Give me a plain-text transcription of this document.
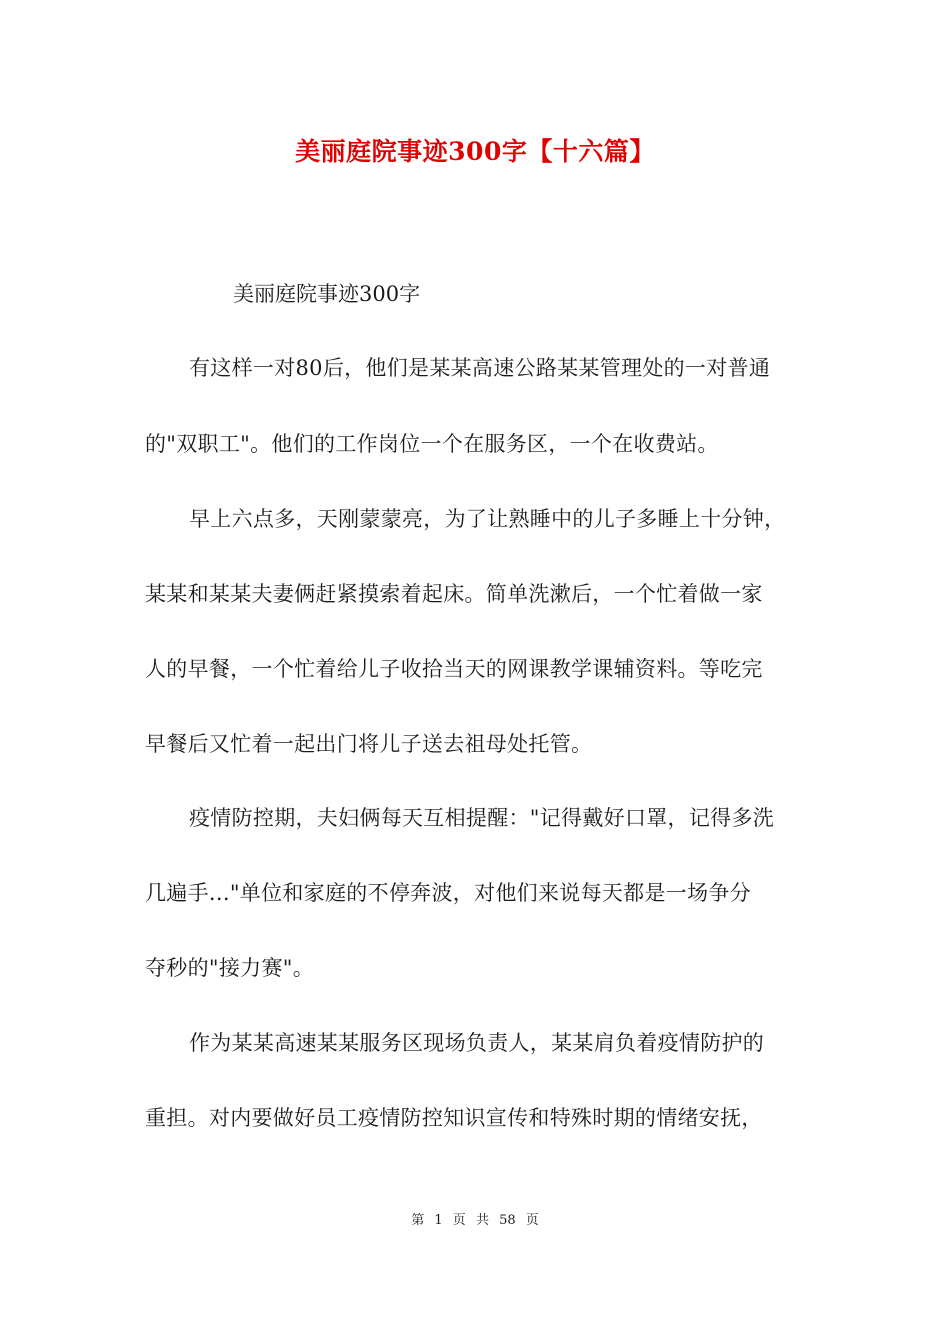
美丽庭院事迹300字【十六篇】

美丽庭院事迹300字

有这样一对80后，他们是某某高速公路某某管理处的一对普通

的"双职工"。他们的工作岗位一个在服务区，一个在收费站。

早上六点多，天刚蒙蒙亮，为了让熟睡中的儿子多睡上十分钟，

某某和某某夫妻俩赶紧摸索着起床。简单洗漱后，一个忙着做一家

人的早餐，一个忙着给儿子收拾当天的网课教学课辅资料。等吃完

早餐后又忙着一起出门将儿子送去祖母处托管。

疫情防控期，夫妇俩每天互相提醒："记得戴好口罩，记得多洗

几遍手..."单位和家庭的不停奔波，对他们来说每天都是一场争分

夺秒的"接力赛"。

作为某某高速某某服务区现场负责人，某某肩负着疫情防护的

重担。对内要做好员工疫情防控知识宣传和特殊时期的情绪安抚，

第 1 页 共 58 页
